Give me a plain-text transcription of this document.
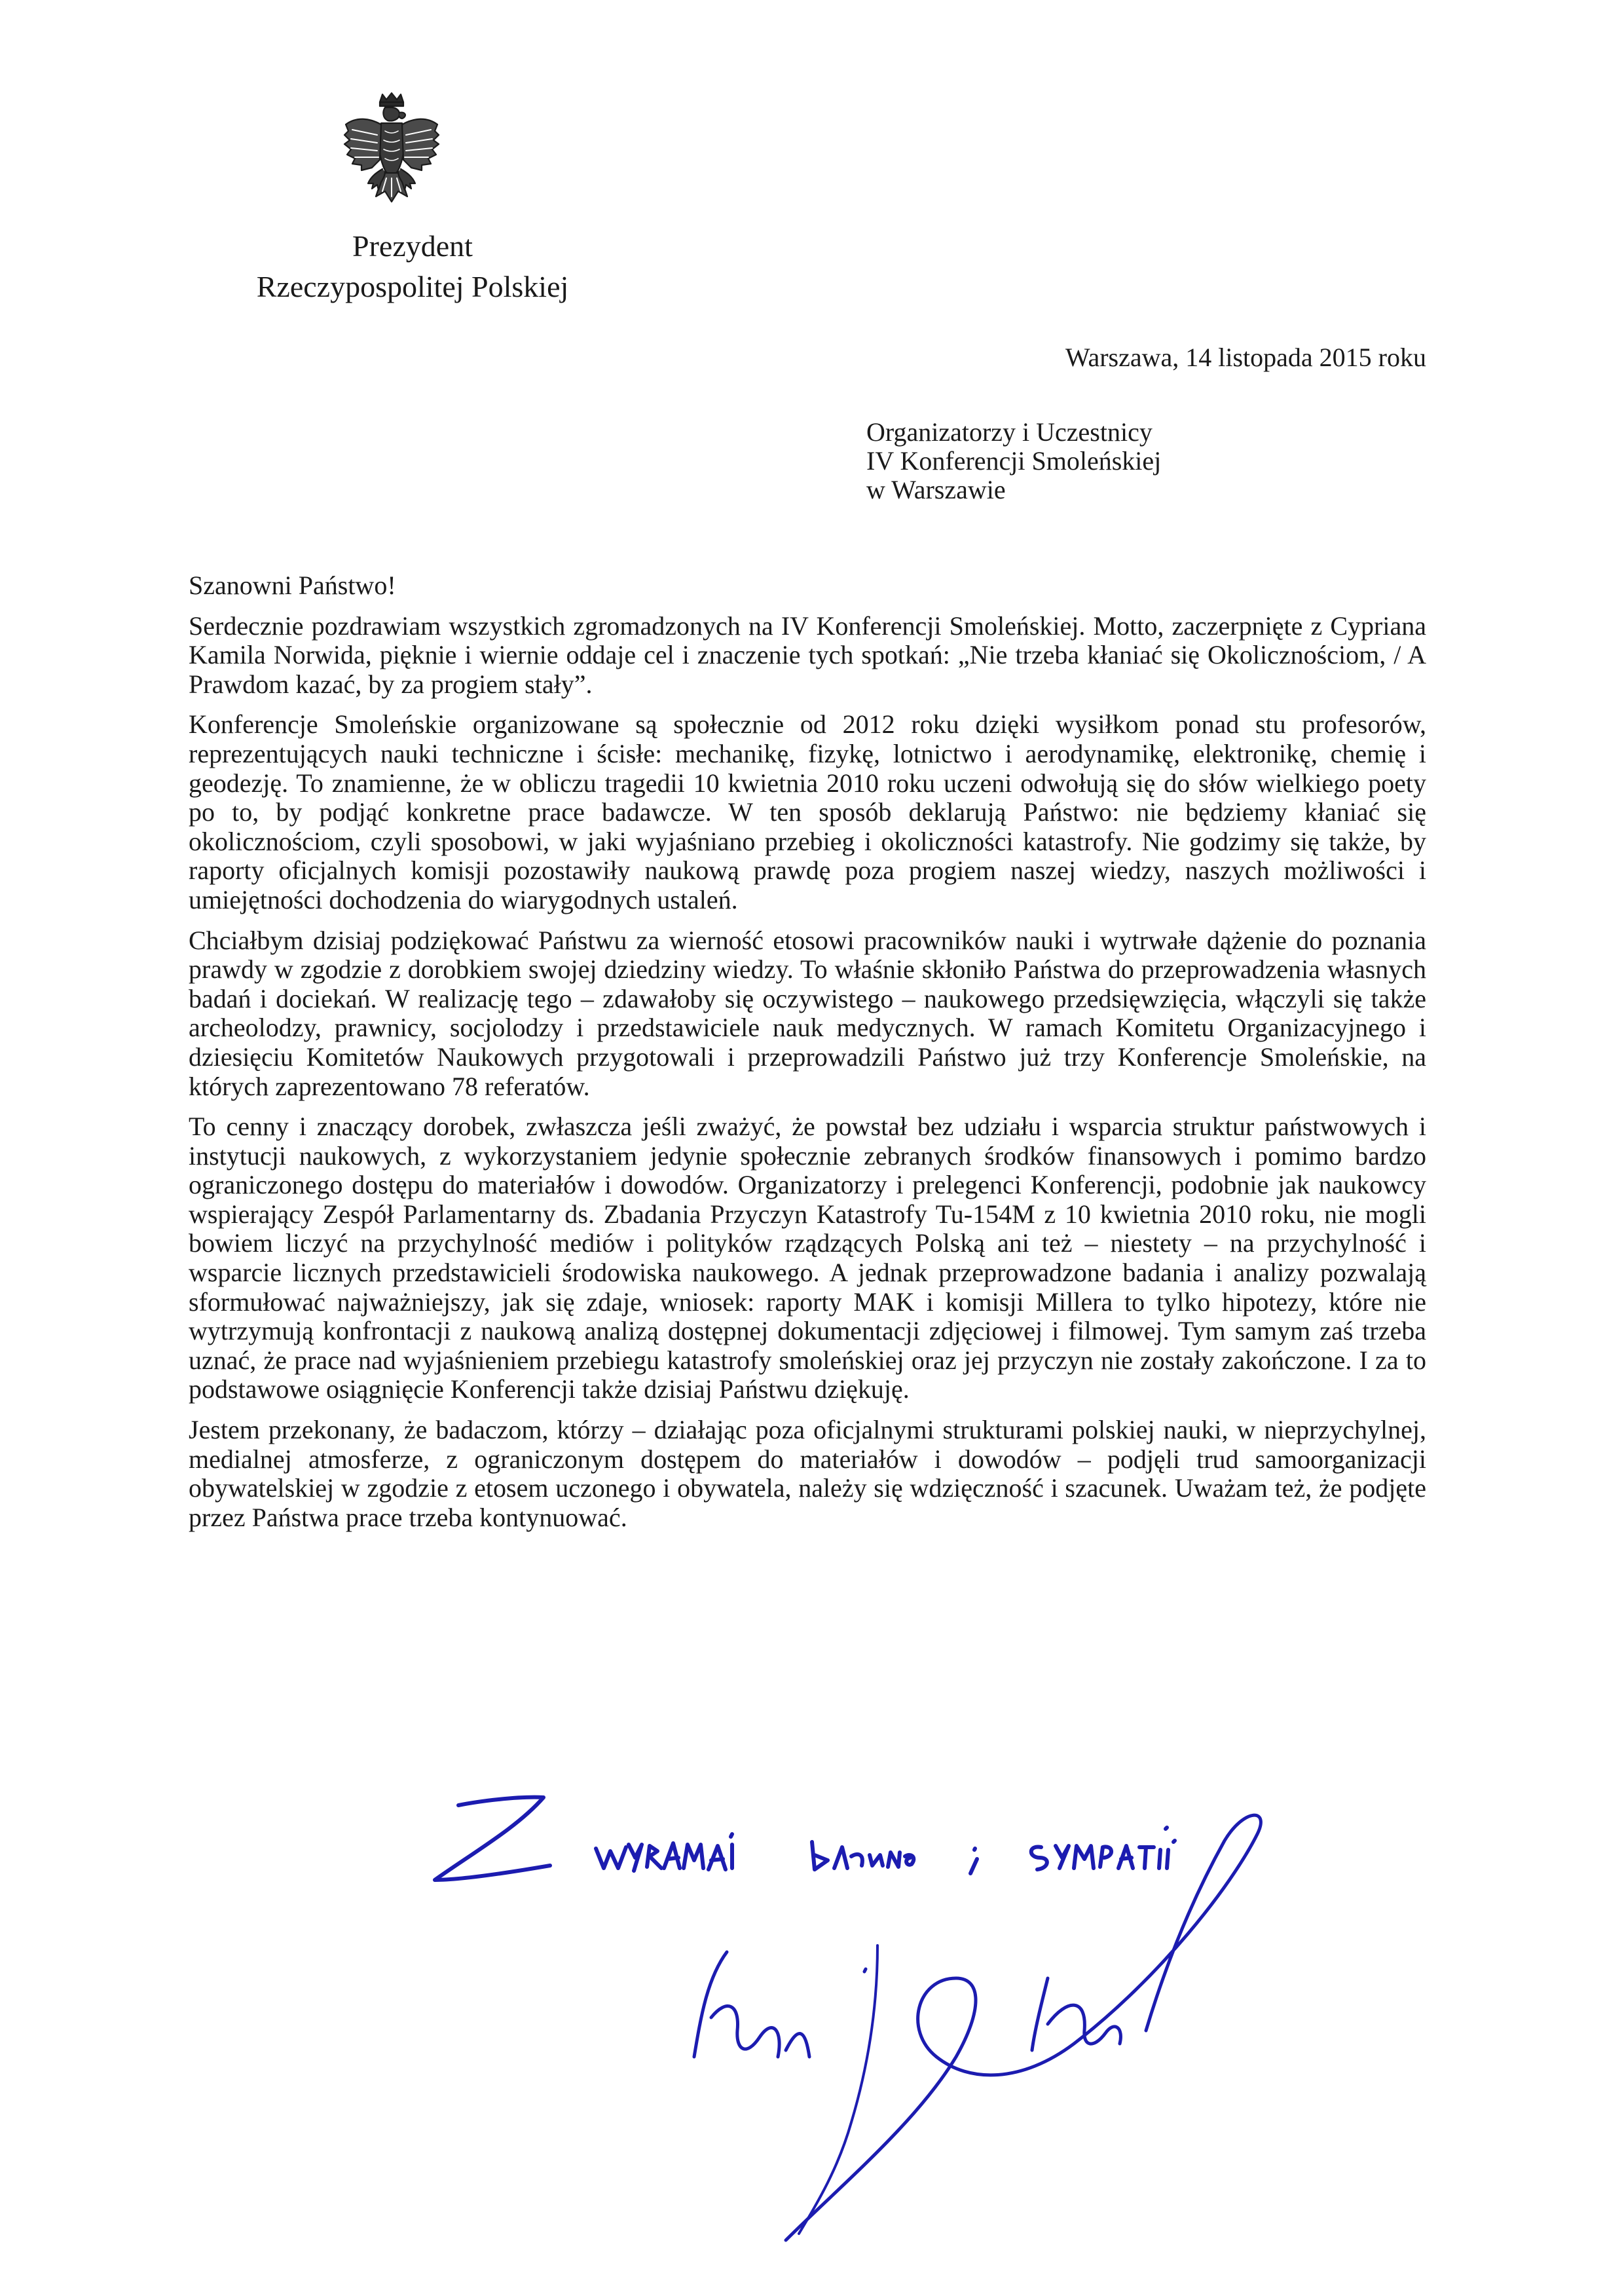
Prezydent
Rzeczypospolitej Polskiej
Warszawa, 14 listopada 2015 roku
Organizatorzy i Uczestnicy
IV Konferencji Smoleńskiej
w Warszawie

Szanowni Państwo!

Serdecznie pozdrawiam wszystkich zgromadzonych na IV Konferencji Smoleńskiej. Motto, zaczerpnięte z Cypriana Kamila Norwida, pięknie i wiernie oddaje cel i znaczenie tych spotkań: „Nie trzeba kłaniać się Okolicznościom, / A Prawdom kazać, by za progiem stały”.

Konferencje Smoleńskie organizowane są społecznie od 2012 roku dzięki wysiłkom ponad stu profesorów, reprezentujących nauki techniczne i ścisłe: mechanikę, fizykę, lotnictwo i aerodynamikę, elektronikę, chemię i geodezję. To znamienne, że w obliczu tragedii 10 kwietnia 2010 roku uczeni odwołują się do słów wielkiego poety po to, by podjąć konkretne prace badawcze. W ten sposób deklarują Państwo: nie będziemy kłaniać się okolicznościom, czyli sposobowi, w jaki wyjaśniano przebieg i okoliczności katastrofy. Nie godzimy się także, by raporty oficjalnych komisji pozostawiły naukową prawdę poza progiem naszej wiedzy, naszych możliwości i umiejętności dochodzenia do wiarygodnych ustaleń.

Chciałbym dzisiaj podziękować Państwu za wierność etosowi pracowników nauki i wytrwałe dążenie do poznania prawdy w zgodzie z dorobkiem swojej dziedziny wiedzy. To właśnie skłoniło Państwa do przeprowadzenia własnych badań i dociekań. W realizację tego – zdawałoby się oczywistego – naukowego przedsięwzięcia, włączyli się także archeolodzy, prawnicy, socjolodzy i przedstawiciele nauk medycznych. W ramach Komitetu Organizacyjnego i dziesięciu Komitetów Naukowych przygotowali i przeprowadzili Państwo już trzy Konferencje Smoleńskie, na których zaprezentowano 78 referatów.

To cenny i znaczący dorobek, zwłaszcza jeśli zważyć, że powstał bez udziału i wsparcia struktur państwowych i instytucji naukowych, z wykorzystaniem jedynie społecznie zebranych środków finansowych i pomimo bardzo ograniczonego dostępu do materiałów i dowodów. Organizatorzy i prelegenci Konferencji, podobnie jak naukowcy wspierający Zespół Parlamentarny ds. Zbadania Przyczyn Katastrofy Tu-154M z 10 kwietnia 2010 roku, nie mogli bowiem liczyć na przychylność mediów i polityków rządzących Polską ani też – niestety – na przychylność i wsparcie licznych przedstawicieli środowiska naukowego. A jednak przeprowadzone badania i analizy pozwalają sformułować najważniejszy, jak się zdaje, wniosek: raporty MAK i komisji Millera to tylko hipotezy, które nie wytrzymują konfrontacji z naukową analizą dostępnej dokumentacji zdjęciowej i filmowej. Tym samym zaś trzeba uznać, że prace nad wyjaśnieniem przebiegu katastrofy smoleńskiej oraz jej przyczyn nie zostały zakończone. I za to podstawowe osiągnięcie Konferencji także dzisiaj Państwu dziękuję.

Jestem przekonany, że badaczom, którzy – działając poza oficjalnymi strukturami polskiej nauki, w nieprzychylnej, medialnej atmosferze, z ograniczonym dostępem do materiałów i dowodów – podjęli trud samoorganizacji obywatelskiej w zgodzie z etosem uczonego i obywatela, należy się wdzięczność i szacunek. Uważam też, że podjęte przez Państwa prace trzeba kontynuować.
